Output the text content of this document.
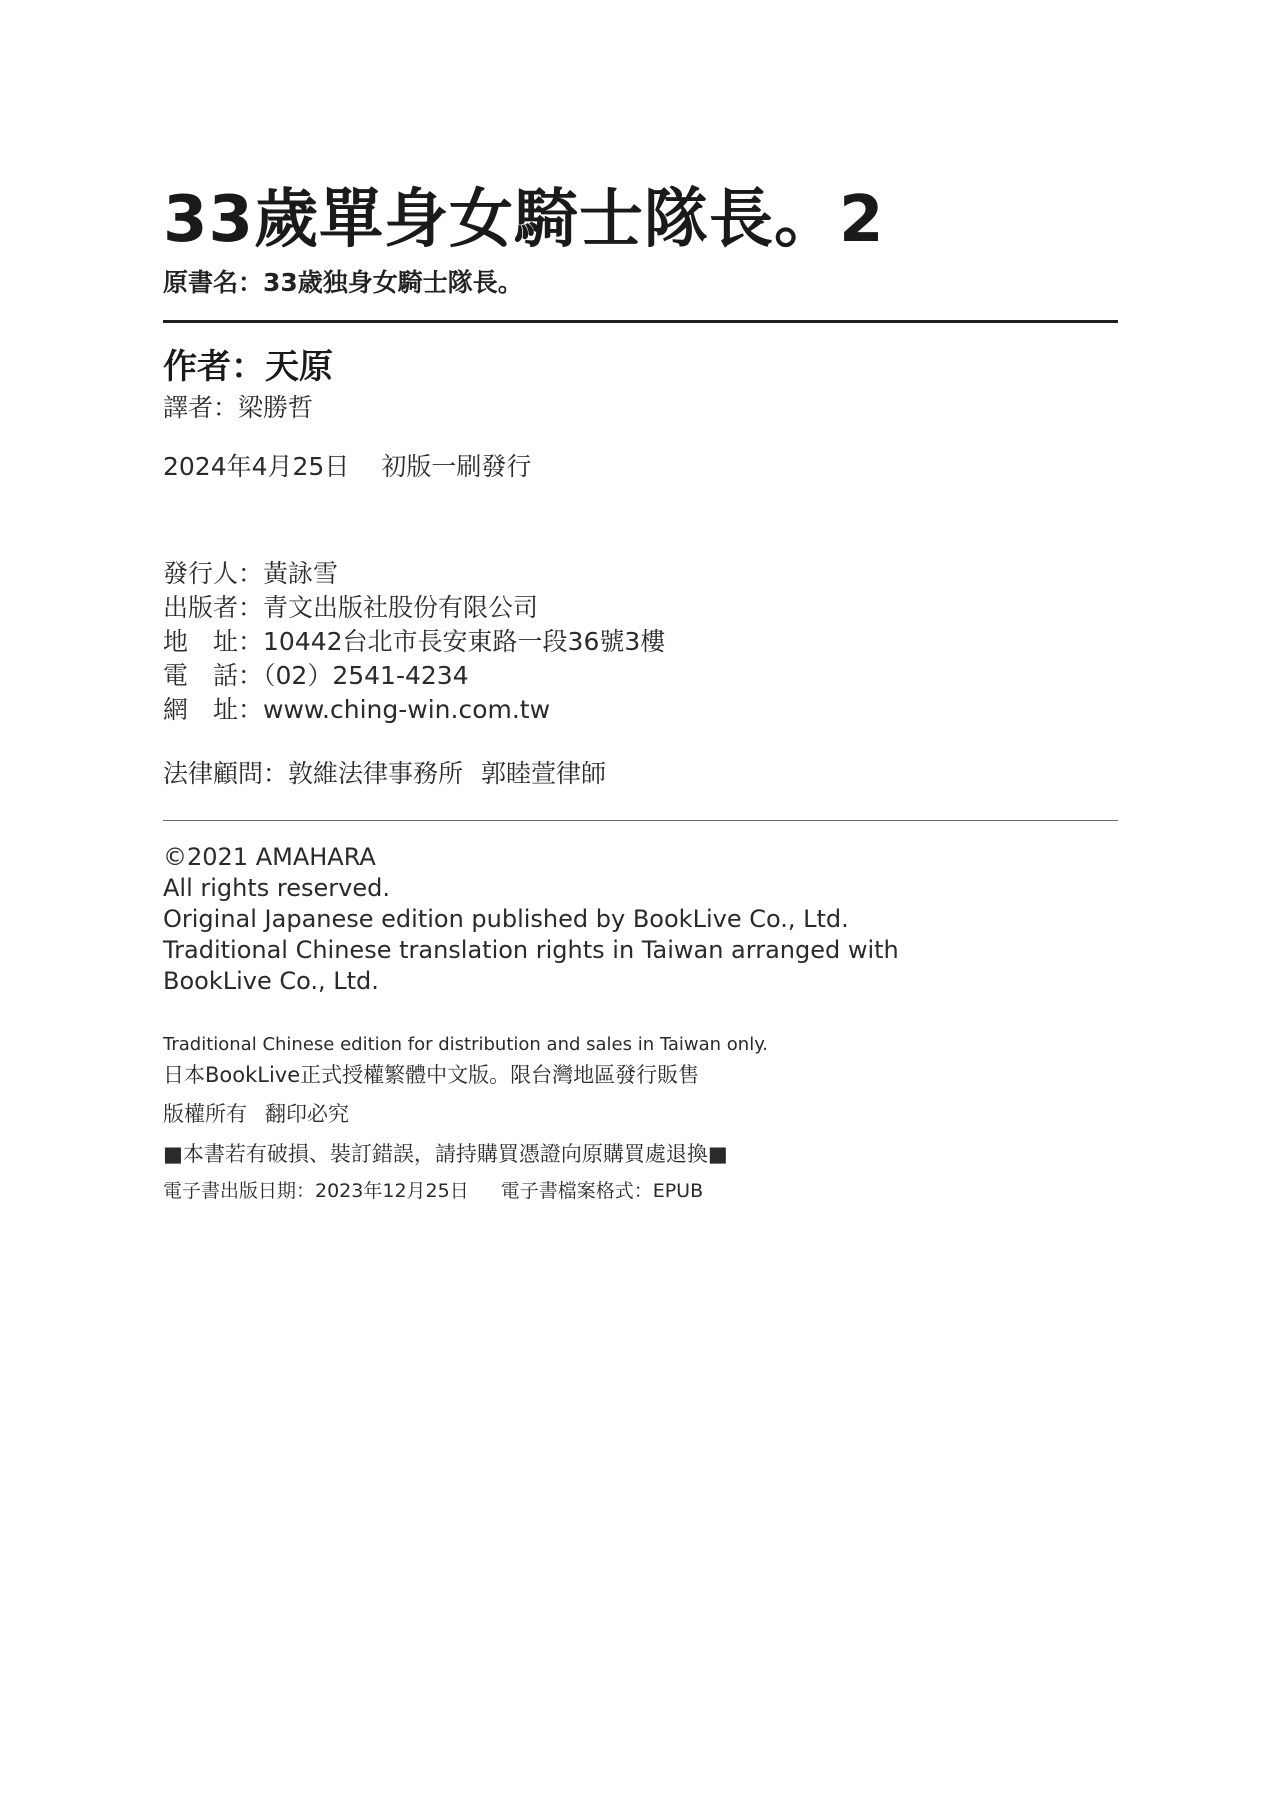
33歲單身女騎士隊長。2
原書名：33歳独身女騎士隊長。
作者：天原
譯者：梁勝哲
2024年4月25日 初版一刷發行
發行人：黃詠雪
出版者：青文出版社股份有限公司
地　址：10442台北市長安東路一段36號3樓
電　話：（02）2541-4234
網　址：www.ching-win.com.tw
法律顧問：敦維法律事務所 郭睦萱律師
©2021 AMAHARA
All rights reserved.
Original Japanese edition published by BookLive Co., Ltd.
Traditional Chinese translation rights in Taiwan arranged with
BookLive Co., Ltd.
Traditional Chinese edition for distribution and sales in Taiwan only.
日本BookLive正式授權繁體中文版。限台灣地區發行販售
版權所有 翻印必究
■本書若有破損、裝訂錯誤，請持購買憑證向原購買處退換■
電子書出版日期：2023年12月25日 電子書檔案格式：EPUB
